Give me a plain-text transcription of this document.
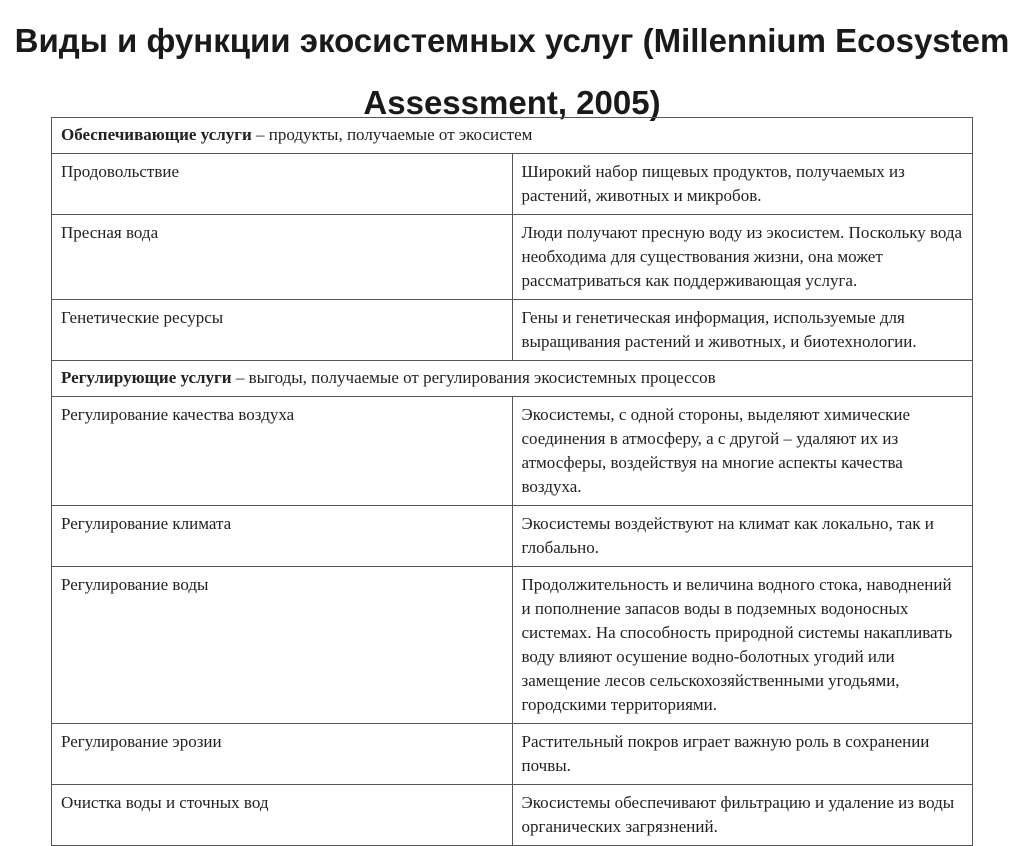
Виды и функции экосистемных услуг (Millennium Ecosystem Assessment, 2005)
Обеспечивающие услуги – продукты, получаемые от экосистем	
Продовольствие	Широкий набор пищевых продуктов, получаемых из растений, животных и микробов.
Пресная вода	Люди получают пресную воду из экосистем. Поскольку вода необходима для существования жизни, она может рассматриваться как поддерживающая услуга.
Генетические ресурсы	Гены и генетическая информация, используемые для выращивания растений и животных, и биотехнологии.
Регулирующие услуги – выгоды, получаемые от регулирования экосистемных процессов	
Регулирование качества воздуха	Экосистемы, с одной стороны, выделяют химические соединения в атмосферу, а с другой – удаляют их из атмосферы, воздействуя на многие аспекты качества воздуха.
Регулирование климата	Экосистемы воздействуют на климат как локально, так и глобально.
Регулирование воды	Продолжительность и величина водного стока, наводнений и пополнение запасов воды в подземных водоносных системах. На способность природной системы накапливать воду влияют осушение водно-болотных угодий или замещение лесов сельскохозяйственными угодьями, городскими территориями.
Регулирование эрозии	Растительный покров играет важную роль в сохранении почвы.
Очистка воды и сточных вод	Экосистемы обеспечивают фильтрацию и удаление из воды органических загрязнений.
